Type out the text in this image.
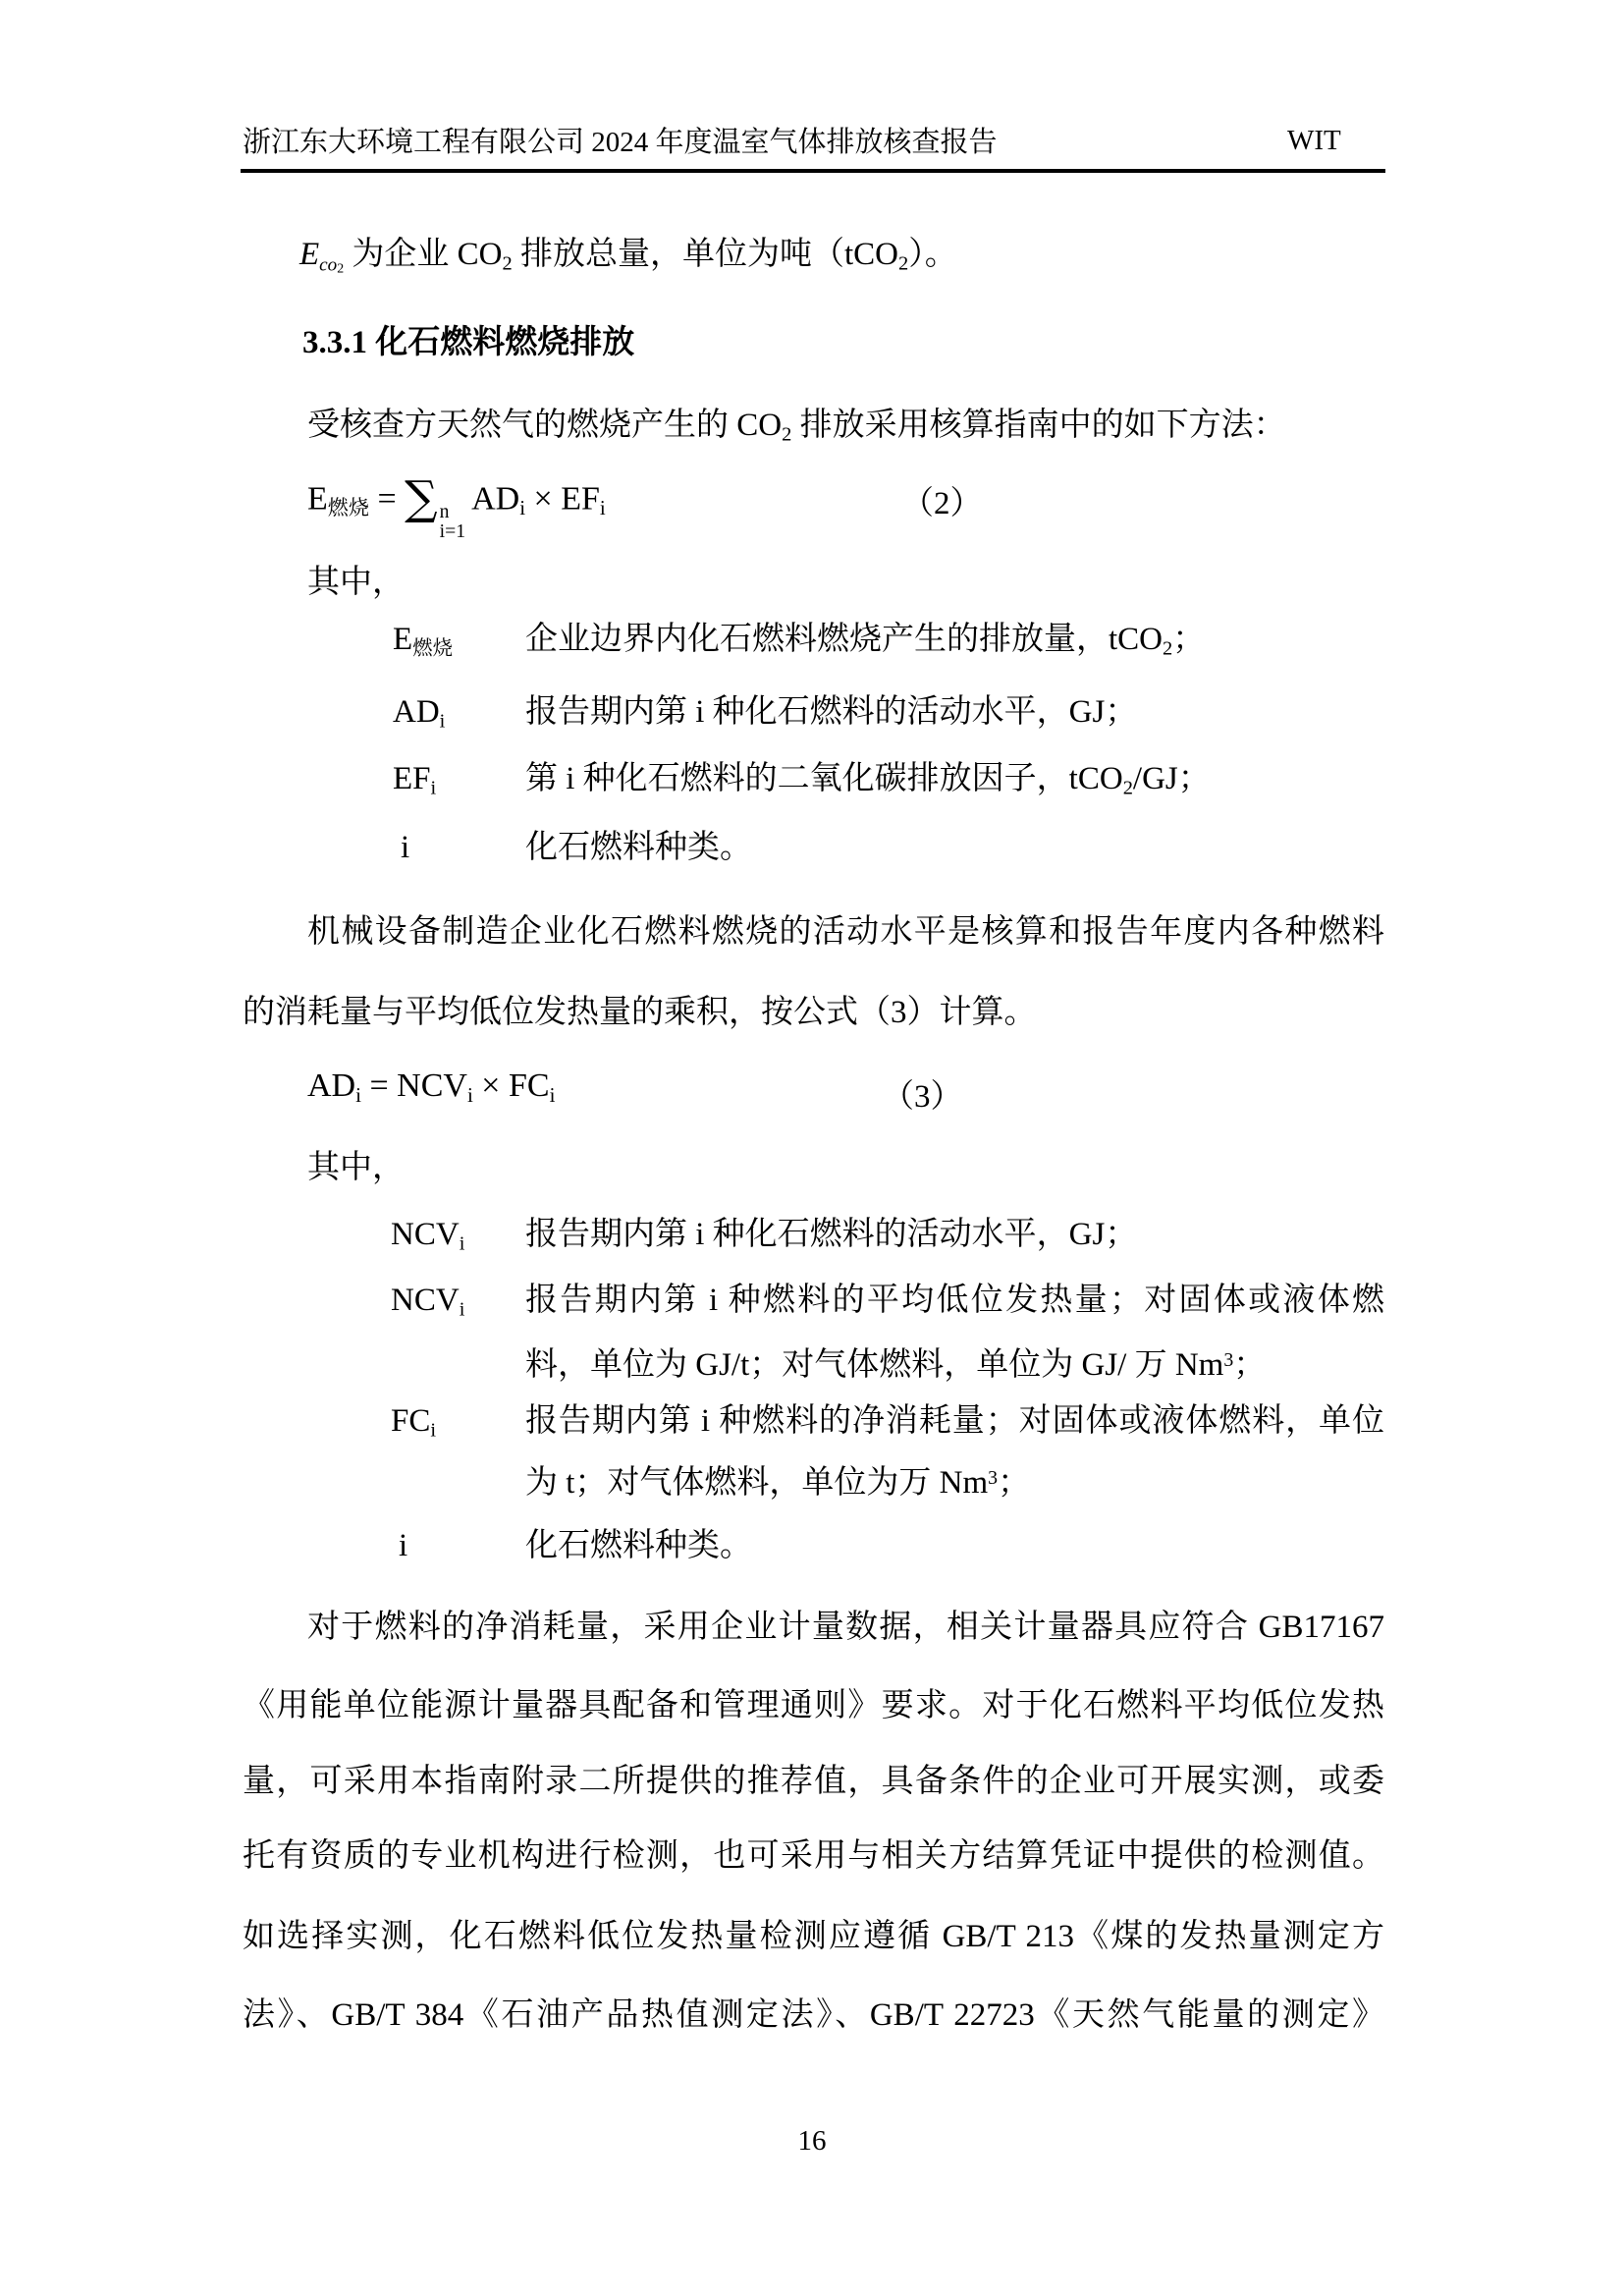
浙江东大环境工程有限公司 2024 年度温室气体排放核查报告	WIT
Eco$_2$ 为企业 CO2 排放总量，单位为吨（tCO2）。
3.3.1 化石燃料燃烧排放
受核查方天然气的燃烧产生的 CO2 排放采用核算指南中的如下方法：
E燃烧 = ∑ n
i=1
ADi × EFi	（2）
其中，
E燃烧 企业边界内化石燃料燃烧产生的排放量，tCO2；
ADi 报告期内第 i 种化石燃料的活动水平，GJ；
EFi	第 i 种化石燃料的二氧化碳排放因子，tCO2/GJ；
i	化石燃料种类。
机械设备制造企业化石燃料燃烧的活动水平是核算和报告年度内各种燃料
的消耗量与平均低位发热量的乘积，按公式（3）计算。
ADi = NCVi × FCi	（3）
其中，
NCVi 报告期内第 i 种化石燃料的活动水平，GJ；
NCVi 报告期内第 i 种燃料的平均低位发热量；对固体或液体燃
料，单位为 GJ/t；对气体燃料，单位为 GJ/ 万 Nm$^3$；
FCi	报告期内第 i 种燃料的净消耗量；对固体或液体燃料，单位
为 t；对气体燃料，单位为万 Nm$^3$；
i	化石燃料种类。
对于燃料的净消耗量，采用企业计量数据，相关计量器具应符合 GB17167
《用能单位能源计量器具配备和管理通则》要求。对于化石燃料平均低位发热
量，可采用本指南附录二所提供的推荐值，具备条件的企业可开展实测，或委
托有资质的专业机构进行检测，也可采用与相关方结算凭证中提供的检测值。
如选择实测，化石燃料低位发热量检测应遵循 GB/T 213《煤的发热量测定方
法》、GB/T 384《石油产品热值测定法》、GB/T 22723《天然气能量的测定》
16
